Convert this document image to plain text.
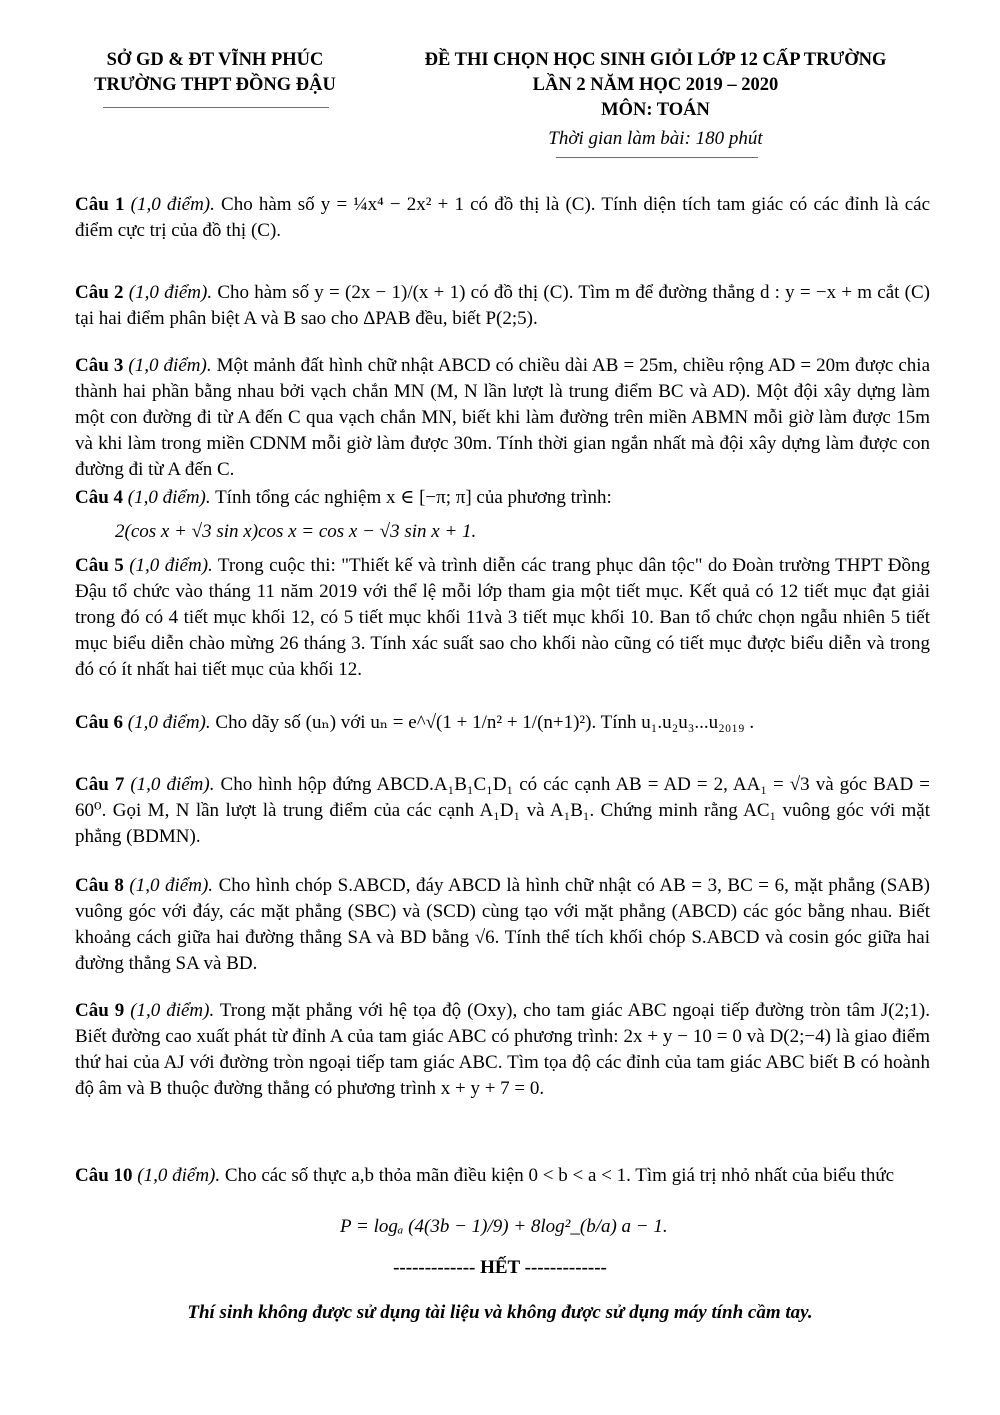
SỞ GD & ĐT VĨNH PHÚC
TRƯỜNG THPT ĐỒNG ĐẬU
ĐỀ THI CHỌN HỌC SINH GIỎI LỚP 12 CẤP TRƯỜNG
LẦN 2 NĂM HỌC 2019 – 2020
MÔN: TOÁN
Thời gian làm bài: 180 phút
Câu 1 (1,0 điểm). Cho hàm số y = ¼x⁴ − 2x² + 1 có đồ thị là (C). Tính diện tích tam giác có các đỉnh là các điểm cực trị của đồ thị (C).
Câu 2 (1,0 điểm). Cho hàm số y = (2x − 1)/(x + 1) có đồ thị (C). Tìm m để đường thẳng d : y = −x + m cắt (C) tại hai điểm phân biệt A và B sao cho ΔPAB đều, biết P(2;5).
Câu 3 (1,0 điểm). Một mảnh đất hình chữ nhật ABCD có chiều dài AB = 25m, chiều rộng AD = 20m được chia thành hai phần bằng nhau bởi vạch chắn MN (M, N lần lượt là trung điểm BC và AD). Một đội xây dựng làm một con đường đi từ A đến C qua vạch chắn MN, biết khi làm đường trên miền ABMN mỗi giờ làm được 15m và khi làm trong miền CDNM mỗi giờ làm được 30m. Tính thời gian ngắn nhất mà đội xây dựng làm được con đường đi từ A đến C.
Câu 4 (1,0 điểm). Tính tổng các nghiệm x ∈ [−π; π] của phương trình:
2(cos x + √3 sin x)cos x = cos x − √3 sin x + 1.
Câu 5 (1,0 điểm). Trong cuộc thi: "Thiết kế và trình diễn các trang phục dân tộc" do Đoàn trường THPT Đồng Đậu tổ chức vào tháng 11 năm 2019 với thể lệ mỗi lớp tham gia một tiết mục. Kết quả có 12 tiết mục đạt giải trong đó có 4 tiết mục khối 12, có 5 tiết mục khối 11và 3 tiết mục khối 10. Ban tổ chức chọn ngẫu nhiên 5 tiết mục biểu diễn chào mừng 26 tháng 3. Tính xác suất sao cho khối nào cũng có tiết mục được biểu diễn và trong đó có ít nhất hai tiết mục của khối 12.
Câu 6 (1,0 điểm). Cho dãy số (uₙ) với uₙ = e^√(1 + 1/n² + 1/(n+1)²). Tính u₁.u₂u₃...u₂₀₁₉ .
Câu 7 (1,0 điểm). Cho hình hộp đứng ABCD.A₁B₁C₁D₁ có các cạnh AB = AD = 2, AA₁ = √3 và góc BAD = 60⁰. Gọi M, N lần lượt là trung điểm của các cạnh A₁D₁ và A₁B₁. Chứng minh rằng AC₁ vuông góc với mặt phẳng (BDMN).
Câu 8 (1,0 điểm). Cho hình chóp S.ABCD, đáy ABCD là hình chữ nhật có AB = 3, BC = 6, mặt phẳng (SAB) vuông góc với đáy, các mặt phẳng (SBC) và (SCD) cùng tạo với mặt phẳng (ABCD) các góc bằng nhau. Biết khoảng cách giữa hai đường thẳng SA và BD bằng √6. Tính thể tích khối chóp S.ABCD và cosin góc giữa hai đường thẳng SA và BD.
Câu 9 (1,0 điểm). Trong mặt phẳng với hệ tọa độ (Oxy), cho tam giác ABC ngoại tiếp đường tròn tâm J(2;1). Biết đường cao xuất phát từ đỉnh A của tam giác ABC có phương trình: 2x + y − 10 = 0 và D(2;−4) là giao điểm thứ hai của AJ với đường tròn ngoại tiếp tam giác ABC. Tìm tọa độ các đỉnh của tam giác ABC biết B có hoành độ âm và B thuộc đường thẳng có phương trình x + y + 7 = 0.
Câu 10 (1,0 điểm). Cho các số thực a,b thỏa mãn điều kiện 0 < b < a < 1. Tìm giá trị nhỏ nhất của biểu thức
P = logₐ (4(3b − 1)/9) + 8log²_(b/a) a − 1.
------------- HẾT -------------
Thí sinh không được sử dụng tài liệu và không được sử dụng máy tính cầm tay.
